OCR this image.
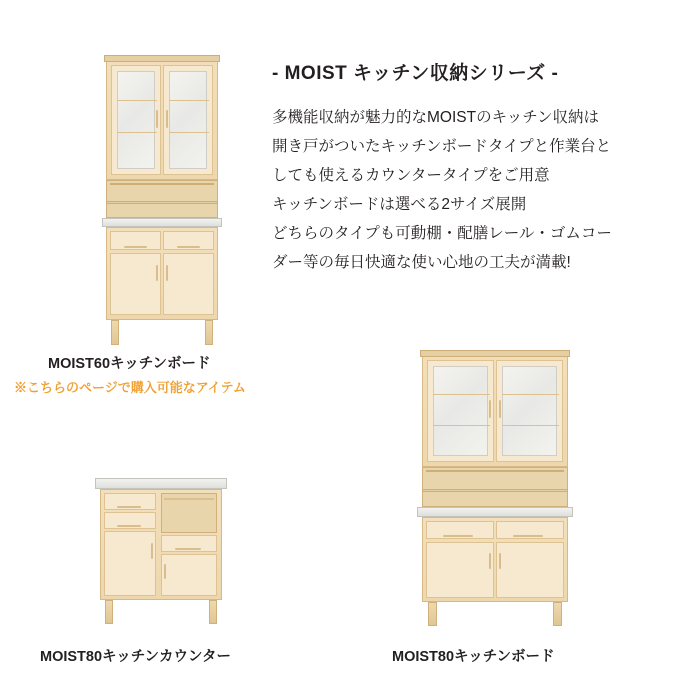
- MOIST キッチン収納シリーズ -
多機能収納が魅力的なMOISTのキッチン収納は
開き戸がついたキッチンボードタイプと作業台と
しても使えるカウンタータイプをご用意
キッチンボードは選べる2サイズ展開
どちらのタイプも可動棚・配膳レール・ゴムコー
ダー等の毎日快適な使い心地の工夫が満載!
MOIST60キッチンボード
※こちらのページで購入可能なアイテム
MOIST80キッチンカウンター	MOIST80キッチンボード
